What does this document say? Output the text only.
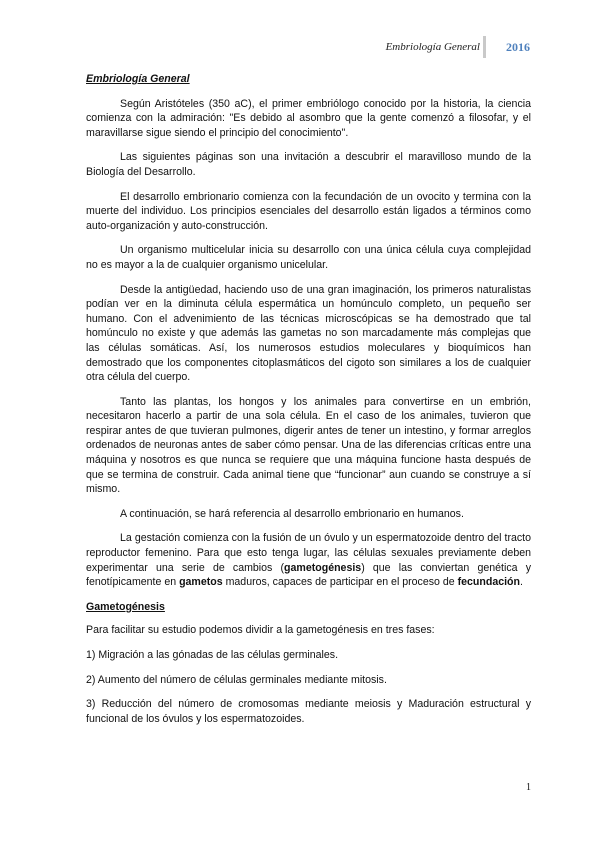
Embriología General 2016
Embriología General

Según Aristóteles (350 aC), el primer embriólogo conocido por la historia, la ciencia comienza con la admiración: "Es debido al asombro que la gente comenzó a filosofar, y el maravillarse sigue siendo el principio del conocimiento".

Las siguientes páginas son una invitación a descubrir el maravilloso mundo de la Biología del Desarrollo.

El desarrollo embrionario comienza con la fecundación de un ovocito y termina con la muerte del individuo. Los principios esenciales del desarrollo están ligados a términos como auto-organización y auto-construcción.

Un organismo multicelular inicia su desarrollo con una única célula cuya complejidad no es mayor a la de cualquier organismo unicelular.

Desde la antigüedad, haciendo uso de una gran imaginación, los primeros naturalistas podían ver en la diminuta célula espermática un homúnculo completo, un pequeño ser humano. Con el advenimiento de las técnicas microscópicas se ha demostrado que tal homúnculo no existe y que además las gametas no son marcadamente más complejas que las células somáticas. Así, los numerosos estudios moleculares y bioquímicos han demostrado que los componentes citoplasmáticos del cigoto son similares a los de cualquier otra célula del cuerpo.

Tanto las plantas, los hongos y los animales para convertirse en un embrión, necesitaron hacerlo a partir de una sola célula. En el caso de los animales, tuvieron que respirar antes de que tuvieran pulmones, digerir antes de tener un intestino, y formar arreglos ordenados de neuronas antes de saber cómo pensar. Una de las diferencias críticas entre una máquina y nosotros es que nunca se requiere que una máquina funcione hasta después de que se termina de construir. Cada animal tiene que “funcionar” aun cuando se construye a sí mismo.

A continuación, se hará referencia al desarrollo embrionario en humanos.

La gestación comienza con la fusión de un óvulo y un espermatozoide dentro del tracto reproductor femenino. Para que esto tenga lugar, las células sexuales previamente deben experimentar una serie de cambios (gametogénesis) que las conviertan genética y fenotípicamente en gametos maduros, capaces de participar en el proceso de fecundación.

Gametogénesis

Para facilitar su estudio podemos dividir a la gametogénesis en tres fases:

1) Migración a las gónadas de las células germinales.

2) Aumento del número de células germinales mediante mitosis.

3) Reducción del número de cromosomas mediante meiosis y Maduración estructural y funcional de los óvulos y los espermatozoides.

1
